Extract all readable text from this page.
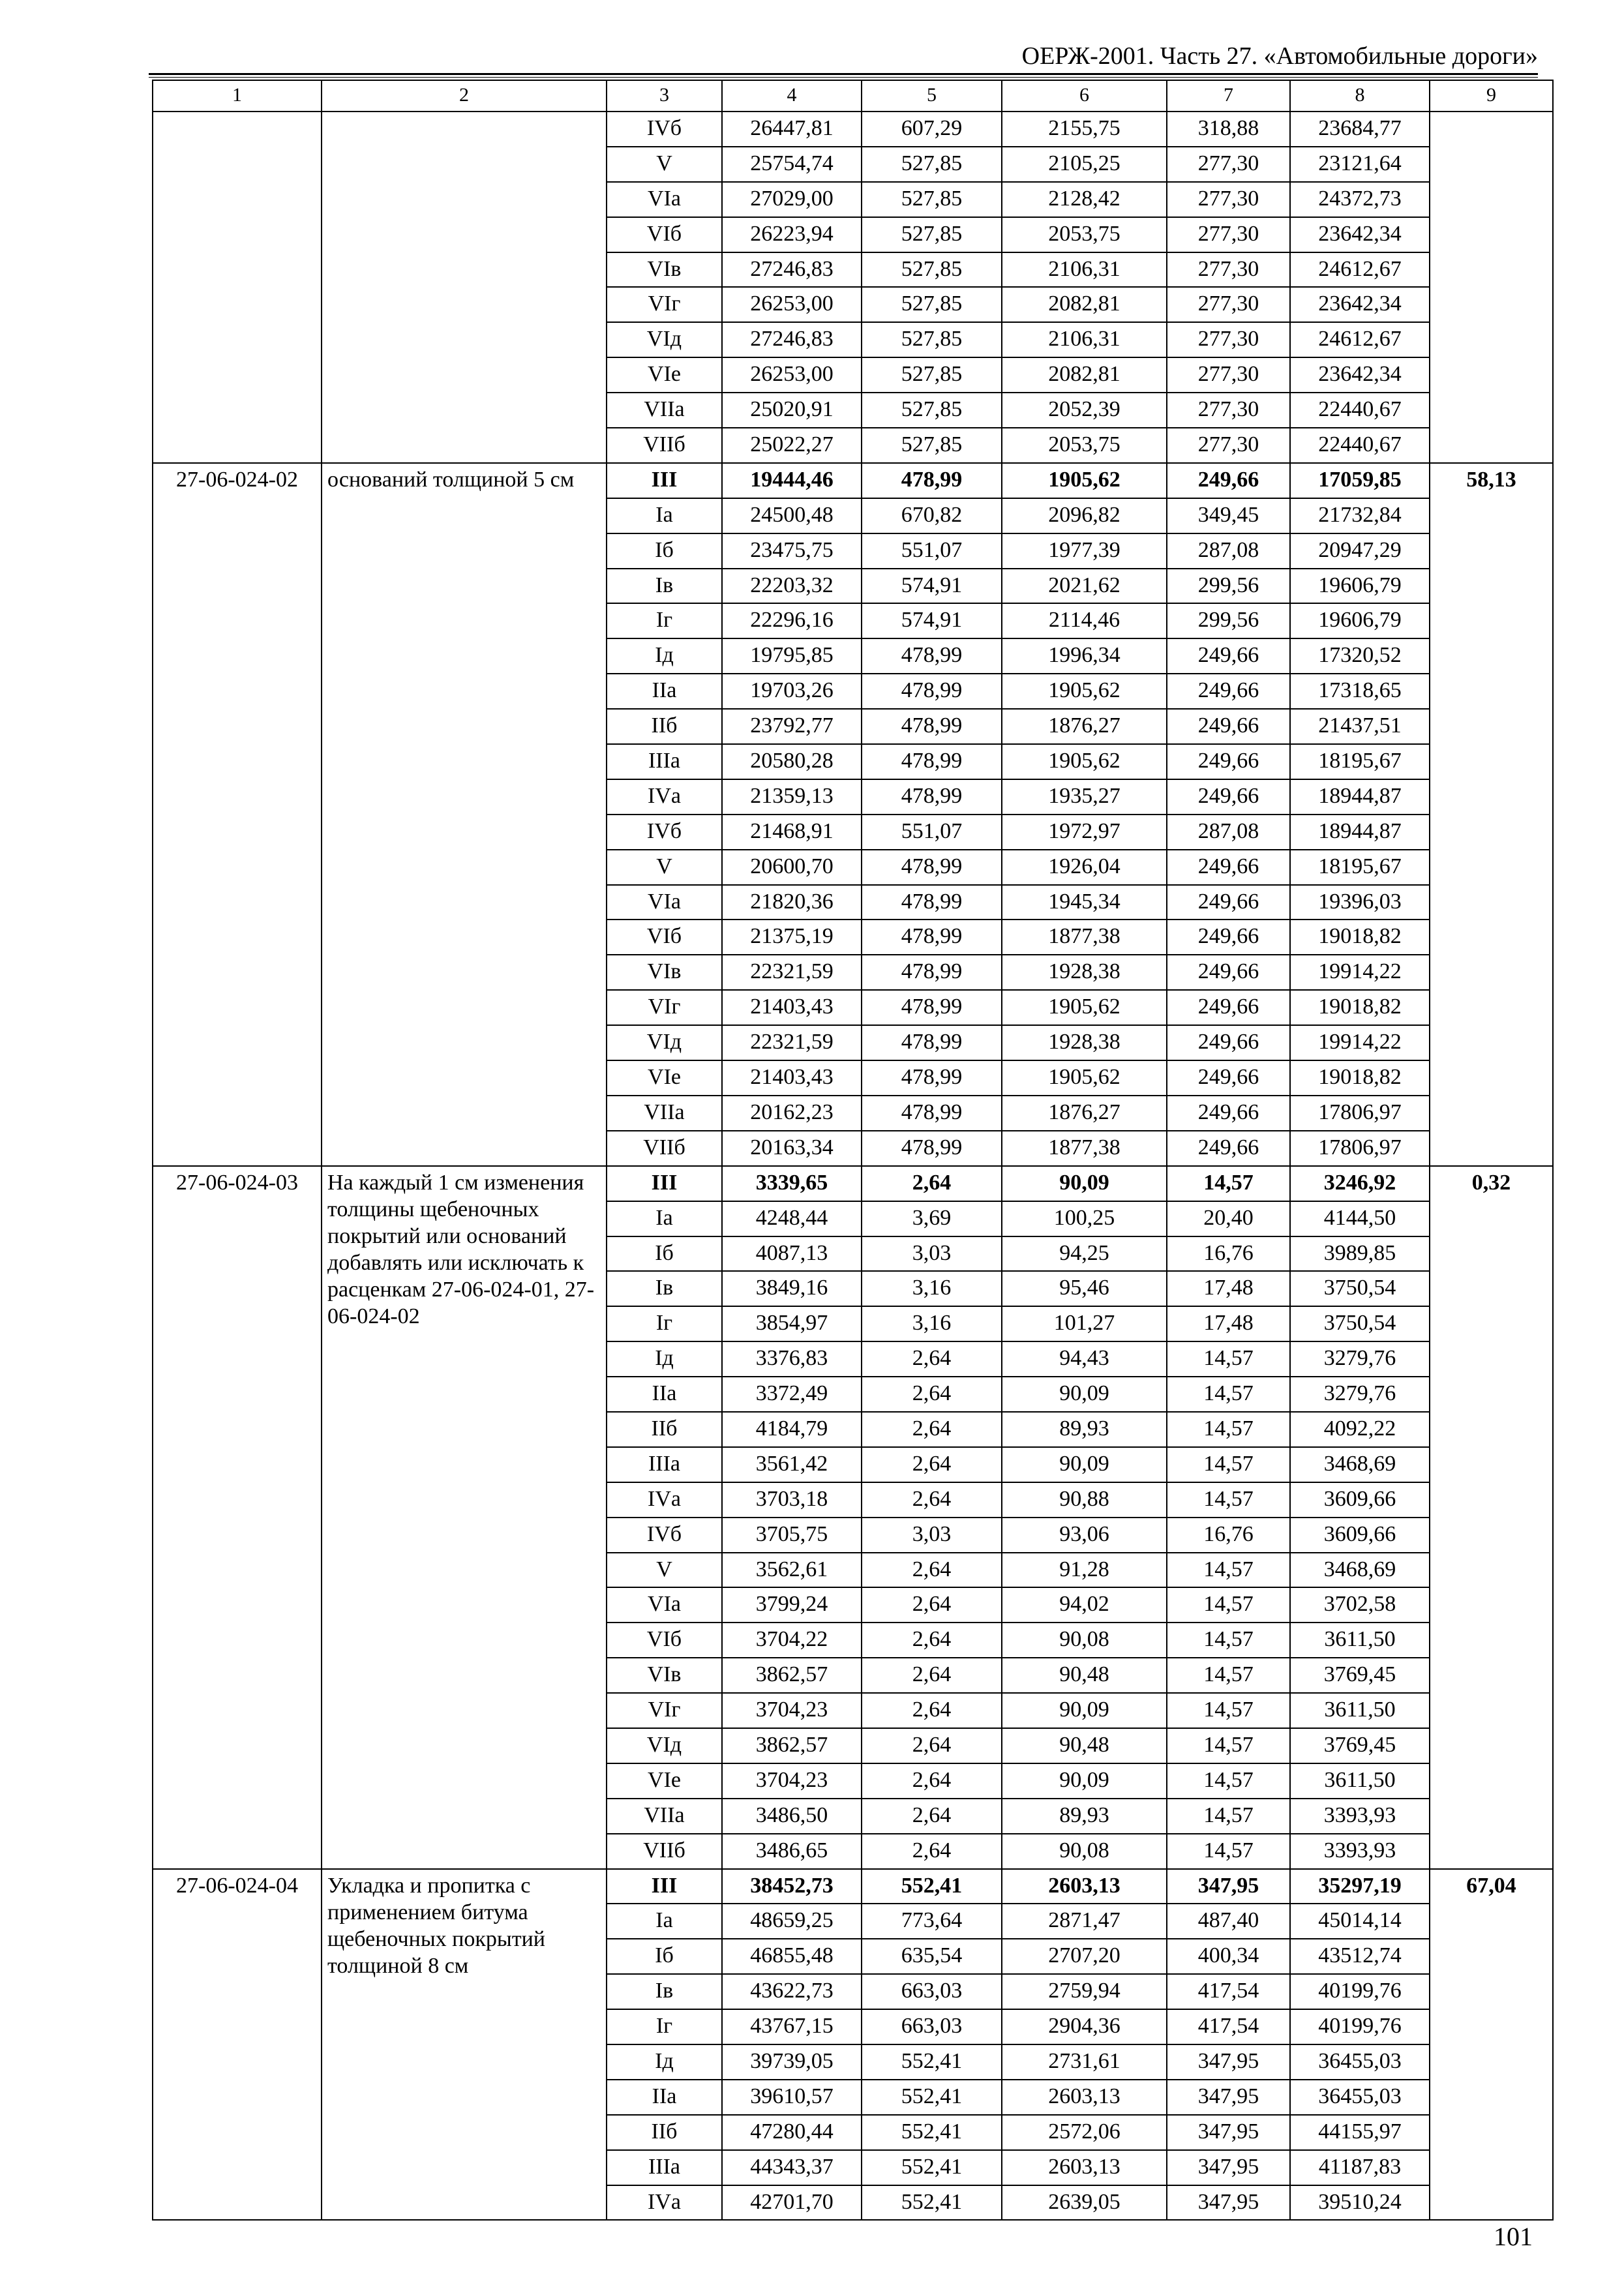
ОЕРЖ-2001. Часть 27. «Автомобильные дороги»
1	2	3	4	5	6	7	8	9
		IVб	26447,81	607,29	2155,75	318,88	23684,77	
		V	25754,74	527,85	2105,25	277,30	23121,64	
		VIа	27029,00	527,85	2128,42	277,30	24372,73	
		VIб	26223,94	527,85	2053,75	277,30	23642,34	
		VIв	27246,83	527,85	2106,31	277,30	24612,67	
		VIг	26253,00	527,85	2082,81	277,30	23642,34	
		VIд	27246,83	527,85	2106,31	277,30	24612,67	
		VIе	26253,00	527,85	2082,81	277,30	23642,34	
		VIIа	25020,91	527,85	2052,39	277,30	22440,67	
		VIIб	25022,27	527,85	2053,75	277,30	22440,67	
27-06-024-02	оснований толщиной 5 см	III	19444,46	478,99	1905,62	249,66	17059,85	58,13
		Iа	24500,48	670,82	2096,82	349,45	21732,84	
		Iб	23475,75	551,07	1977,39	287,08	20947,29	
		Iв	22203,32	574,91	2021,62	299,56	19606,79	
		Iг	22296,16	574,91	2114,46	299,56	19606,79	
		Iд	19795,85	478,99	1996,34	249,66	17320,52	
		IIа	19703,26	478,99	1905,62	249,66	17318,65	
		IIб	23792,77	478,99	1876,27	249,66	21437,51	
		IIIа	20580,28	478,99	1905,62	249,66	18195,67	
		IVа	21359,13	478,99	1935,27	249,66	18944,87	
		IVб	21468,91	551,07	1972,97	287,08	18944,87	
		V	20600,70	478,99	1926,04	249,66	18195,67	
		VIа	21820,36	478,99	1945,34	249,66	19396,03	
		VIб	21375,19	478,99	1877,38	249,66	19018,82	
		VIв	22321,59	478,99	1928,38	249,66	19914,22	
		VIг	21403,43	478,99	1905,62	249,66	19018,82	
		VIд	22321,59	478,99	1928,38	249,66	19914,22	
		VIе	21403,43	478,99	1905,62	249,66	19018,82	
		VIIа	20162,23	478,99	1876,27	249,66	17806,97	
		VIIб	20163,34	478,99	1877,38	249,66	17806,97	
27-06-024-03	На каждый 1 см изменения толщины щебеночных покрытий или оснований добавлять или исключать к расценкам 27-06-024-01, 27-06-024-02	III	3339,65	2,64	90,09	14,57	3246,92	0,32
		Iа	4248,44	3,69	100,25	20,40	4144,50	
		Iб	4087,13	3,03	94,25	16,76	3989,85	
		Iв	3849,16	3,16	95,46	17,48	3750,54	
		Iг	3854,97	3,16	101,27	17,48	3750,54	
		Iд	3376,83	2,64	94,43	14,57	3279,76	
		IIа	3372,49	2,64	90,09	14,57	3279,76	
		IIб	4184,79	2,64	89,93	14,57	4092,22	
		IIIа	3561,42	2,64	90,09	14,57	3468,69	
		IVа	3703,18	2,64	90,88	14,57	3609,66	
		IVб	3705,75	3,03	93,06	16,76	3609,66	
		V	3562,61	2,64	91,28	14,57	3468,69	
		VIа	3799,24	2,64	94,02	14,57	3702,58	
		VIб	3704,22	2,64	90,08	14,57	3611,50	
		VIв	3862,57	2,64	90,48	14,57	3769,45	
		VIг	3704,23	2,64	90,09	14,57	3611,50	
		VIд	3862,57	2,64	90,48	14,57	3769,45	
		VIе	3704,23	2,64	90,09	14,57	3611,50	
		VIIа	3486,50	2,64	89,93	14,57	3393,93	
		VIIб	3486,65	2,64	90,08	14,57	3393,93	
27-06-024-04	Укладка и пропитка с применением битума щебеночных покрытий толщиной 8 см	III	38452,73	552,41	2603,13	347,95	35297,19	67,04
		Iа	48659,25	773,64	2871,47	487,40	45014,14	
		Iб	46855,48	635,54	2707,20	400,34	43512,74	
		Iв	43622,73	663,03	2759,94	417,54	40199,76	
		Iг	43767,15	663,03	2904,36	417,54	40199,76	
		Iд	39739,05	552,41	2731,61	347,95	36455,03	
		IIа	39610,57	552,41	2603,13	347,95	36455,03	
		IIб	47280,44	552,41	2572,06	347,95	44155,97	
		IIIа	44343,37	552,41	2603,13	347,95	41187,83	
		IVа	42701,70	552,41	2639,05	347,95	39510,24	
101
